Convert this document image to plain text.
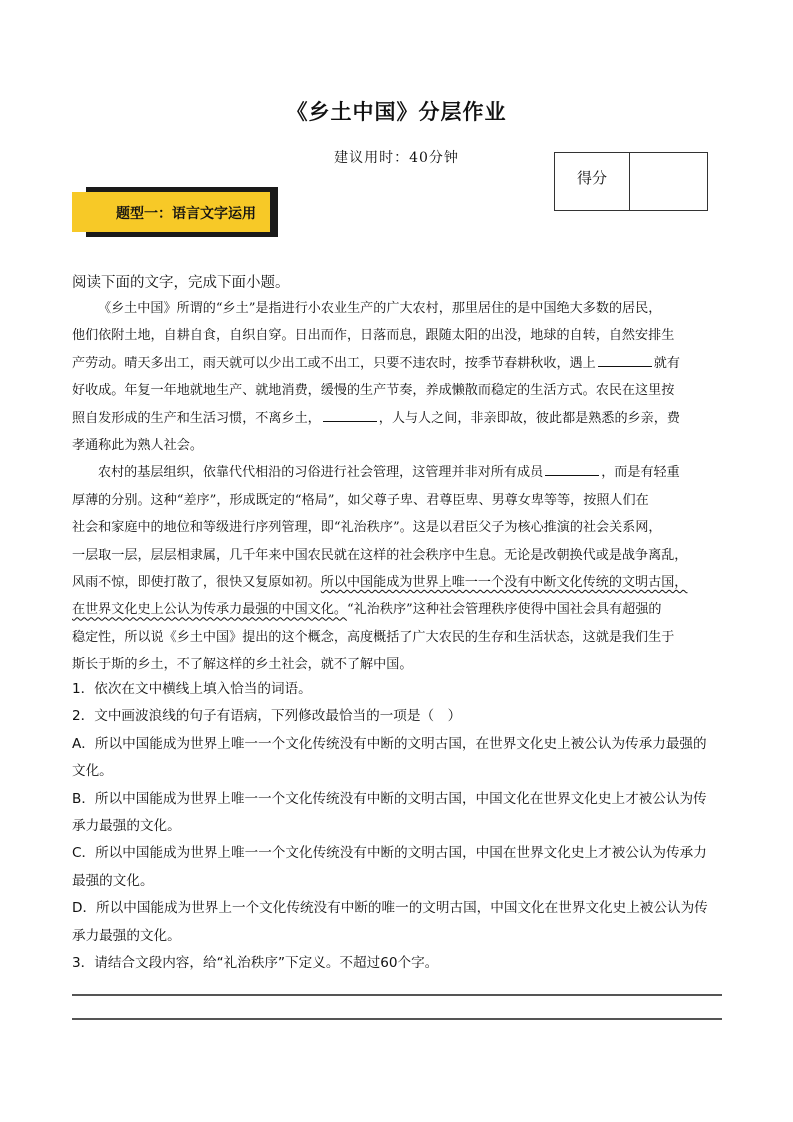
《乡土中国》分层作业
建议用时：40分钟
得分
题型一：语言文字运用
阅读下面的文字，完成下面小题。
《乡土中国》所谓的“乡土”是指进行小农业生产的广大农村，那里居住的是中国绝大多数的居民，
他们依附土地，自耕自食，自织自穿。日出而作，日落而息，跟随太阳的出没，地球的自转，自然安排生
产劳动。晴天多出工，雨天就可以少出工或不出工，只要不违农时，按季节春耕秋收，遇上	就有
好收成。年复一年地就地生产、就地消费，缓慢的生产节奏，养成懒散而稳定的生活方式。农民在这里按
照自发形成的生产和生活习惯，不离乡土，	，人与人之间，非亲即故，彼此都是熟悉的乡亲，费
孝通称此为熟人社会。
农村的基层组织，依靠代代相沿的习俗进行社会管理，这管理并非对所有成员	，而是有轻重
厚薄的分别。这种“差序”，形成既定的“格局”，如父尊子卑、君尊臣卑、男尊女卑等等，按照人们在
社会和家庭中的地位和等级进行序列管理，即“礼治秩序”。这是以君臣父子为核心推演的社会关系网，
一层取一层，层层相隶属，几千年来中国农民就在这样的社会秩序中生息。无论是改朝换代或是战争离乱，
风雨不惊，即使打散了，很快又复原如初。所以中国能成为世界上唯一一个没有中断文化传统的文明古国，
在世界文化史上公认为传承力最强的中国文化。“礼治秩序”这种社会管理秩序使得中国社会具有超强的
稳定性，所以说《乡土中国》提出的这个概念，高度概括了广大农民的生存和生活状态，这就是我们生于
斯长于斯的乡土，不了解这样的乡土社会，就不了解中国。
1．依次在文中横线上填入恰当的词语。
2．文中画波浪线的句子有语病，下列修改最恰当的一项是（　）
A．所以中国能成为世界上唯一一个文化传统没有中断的文明古国，在世界文化史上被公认为传承力最强的
文化。
B．所以中国能成为世界上唯一一个文化传统没有中断的文明古国，中国文化在世界文化史上才被公认为传
承力最强的文化。
C．所以中国能成为世界上唯一一个文化传统没有中断的文明古国，中国在世界文化史上才被公认为传承力
最强的文化。
D．所以中国能成为世界上一个文化传统没有中断的唯一的文明古国，中国文化在世界文化史上被公认为传
承力最强的文化。
3．请结合文段内容，给“礼治秩序”下定义。不超过60个字。
